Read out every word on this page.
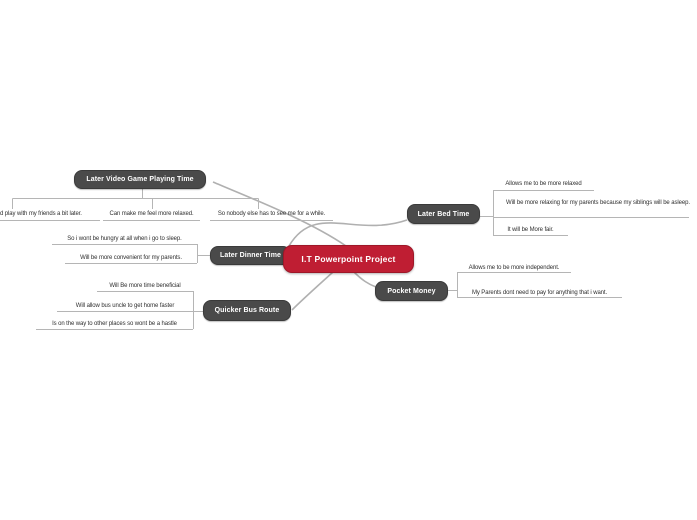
d play with my friends a bit later.	Can make me feel more relaxed.	So nobody else has to see me for a while.
Allows me to be more relaxed
Will be more relaxing for my parents because my siblings will be asleep.
It will be More fair.
So i wont be hungry at all when i go to sleep.
Will be more convenient for my parents.
Will Be more time beneficial
Will allow bus uncle to get home faster
Is on the way to other places so wont be a hastle
Allows me to be more independent.
My Parents dont need to pay for anything that i want.
Later Video Game Playing Time
Later Bed Time
Later Dinner Time
Quicker Bus Route
Pocket Money
I.T Powerpoint Project
